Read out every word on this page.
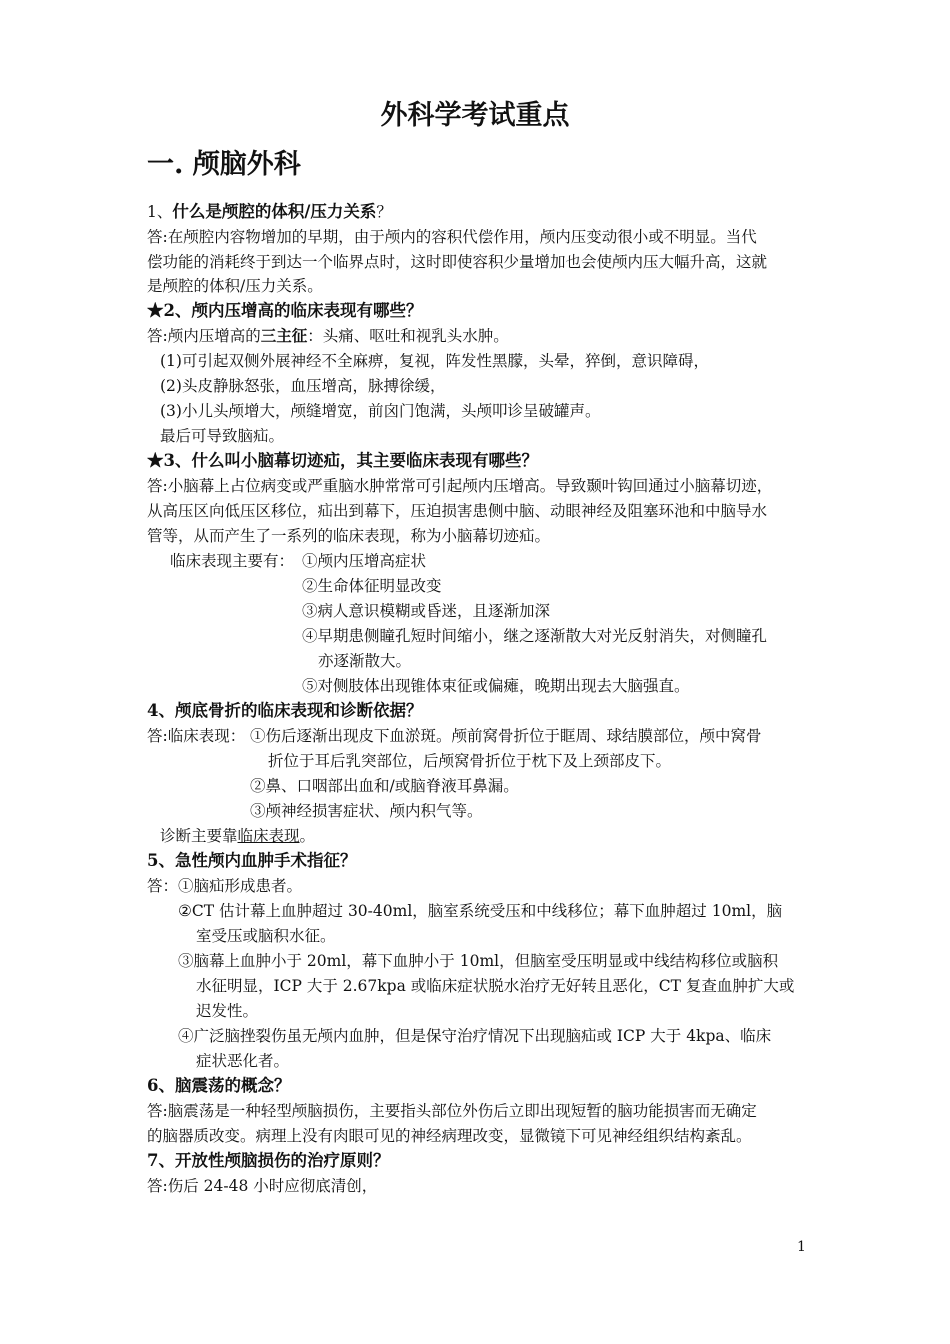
外科学考试重点
一. 颅脑外科
1、什么是颅腔的体积/压力关系？
答:在颅腔内容物增加的早期，由于颅内的容积代偿作用，颅内压变动很小或不明显。当代
偿功能的消耗终于到达一个临界点时，这时即使容积少量增加也会使颅内压大幅升高，这就
是颅腔的体积/压力关系。
★2、颅内压增高的临床表现有哪些？
答:颅内压增高的三主征：头痛、呕吐和视乳头水肿。
(1)可引起双侧外展神经不全麻痹，复视，阵发性黑朦，头晕，猝倒，意识障碍，
(2)头皮静脉怒张，血压增高，脉搏徐缓，
(3)小儿头颅增大，颅缝增宽，前囟门饱满，头颅叩诊呈破罐声。
最后可导致脑疝。
★3、什么叫小脑幕切迹疝，其主要临床表现有哪些？
答:小脑幕上占位病变或严重脑水肿常常可引起颅内压增高。导致颞叶钩回通过小脑幕切迹，
从高压区向低压区移位，疝出到幕下，压迫损害患侧中脑、动眼神经及阻塞环池和中脑导水
管等，从而产生了一系列的临床表现，称为小脑幕切迹疝。
临床表现主要有： ①颅内压增高症状
②生命体征明显改变
③病人意识模糊或昏迷，且逐渐加深
④早期患侧瞳孔短时间缩小，继之逐渐散大对光反射消失，对侧瞳孔
亦逐渐散大。
⑤对侧肢体出现锥体束征或偏瘫，晚期出现去大脑强直。
4、颅底骨折的临床表现和诊断依据？
答:临床表现： ①伤后逐渐出现皮下血淤斑。颅前窝骨折位于眶周、球结膜部位，颅中窝骨
折位于耳后乳突部位，后颅窝骨折位于枕下及上颈部皮下。
②鼻、口咽部出血和/或脑脊液耳鼻漏。
③颅神经损害症状、颅内积气等。
诊断主要靠临床表现。
5、急性颅内血肿手术指征？
答： ①脑疝形成患者。
②CT 估计幕上血肿超过 30-40ml，脑室系统受压和中线移位；幕下血肿超过 10ml，脑
室受压或脑积水征。
③脑幕上血肿小于 20ml，幕下血肿小于 10ml，但脑室受压明显或中线结构移位或脑积
水征明显，ICP 大于 2.67kpa 或临床症状脱水治疗无好转且恶化，CT 复查血肿扩大或
迟发性。
④广泛脑挫裂伤虽无颅内血肿，但是保守治疗情况下出现脑疝或 ICP 大于 4kpa、临床
症状恶化者。
6、脑震荡的概念？
答:脑震荡是一种轻型颅脑损伤，主要指头部位外伤后立即出现短暂的脑功能损害而无确定
的脑器质改变。病理上没有肉眼可见的神经病理改变，显微镜下可见神经组织结构紊乱。
7、开放性颅脑损伤的治疗原则？
答:伤后 24-48 小时应彻底清创，
1
